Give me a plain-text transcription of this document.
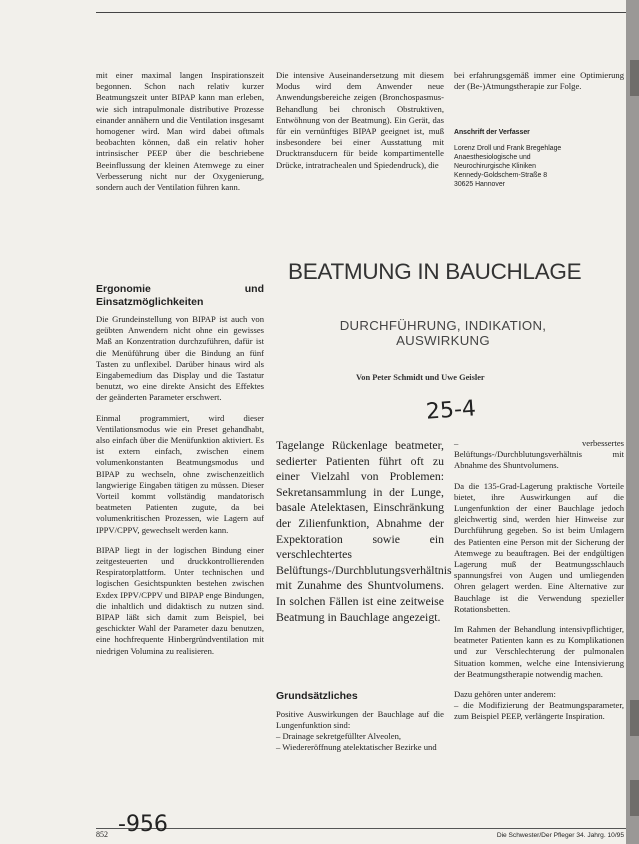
mit einer maximal langen Inspirationszeit begonnen. Schon nach relativ kurzer Beatmungszeit unter BIPAP kann man erleben, wie sich intrapulmonale distributive Prozesse einander annähern und die Ventilation insgesamt homogener wird. Man wird dabei oftmals beobachten können, daß ein relativ hoher intrinsischer PEEP über die beschriebene Beeinflussung der kleinen Atemwege zu einer Verbesserung nicht nur der Oxygenierung, sondern auch der Ventilation führen kann.

Die intensive Auseinandersetzung mit diesem Modus wird dem Anwender neue Anwendungsbereiche zeigen (Bronchospasmus-Behandlung bei chronisch Obstruktiven, Entwöhnung von der Beatmung). Ein Gerät, das für ein vernünftiges BIPAP geeignet ist, muß insbesondere bei einer Ausstattung mit Drucktransducern für beide kompartimentelle Drücke, intratrachealen und Spiedendruck), die

bei erfahrungsgemäß immer eine Optimierung der (Be-)Atmungstherapie zur Folge.

Anschrift der Verfasser
Lorenz Droll und Frank Bregehlage
Anaesthesiologische und
Neurochirurgische Kliniken
Kennedy-Goldschem-Straße 8
30625 Hannover
Ergonomie und Einsatzmöglichkeiten

Die Grundeinstellung von BIPAP ist auch von geübten Anwendern nicht ohne ein gewisses Maß an Konzentration durchzuführen, dafür ist die Menüführung über die Bindung an fünf Tasten zu unflexibel. Darüber hinaus wird als Eingabemedium das Display und die Tastatur benutzt, wo eine direkte Ansicht des Effektes der geänderten Parameter erschwert.

Einmal programmiert, wird dieser Ventilationsmodus wie ein Preset gehandhabt, also einfach über die Menüfunktion aktiviert. Es ist extern einfach, zwischen einem volumenkonstanten Beatmungsmodus und BIPAP zu wechseln, ohne zwischenzeitlich langwierige Eingaben tätigen zu müssen. Dieser Vorteil kommt vollständig mandatorisch beatmeten Patienten zugute, da bei volumenkritischen Prozessen, wie Lagern auf IPPV/CPPV, gewechselt werden kann.

BIPAP liegt in der logischen Bindung einer zeitgesteuerten und druckkontrollierenden Respiratorplattform. Unter technischen und logischen Gesichtspunkten bestehen zwischen Exdex IPPV/CPPV und BIPAP enge Bindungen, die inhaltlich und didaktisch zu nutzen sind. BIPAP läßt sich damit zum Beispiel, bei geschickter Wahl der Parameter dazu benutzen, eine hochfrequente Hinbergründventilation mit niedrigen Volumina zu realisieren.

BEATMUNG IN BAUCHLAGE
DURCHFÜHRUNG, INDIKATION,
AUSWIRKUNG
Von Peter Schmidt und Uwe Geisler
25-4
Tagelange Rückenlage beatmeter, sedierter Patienten führt oft zu einer Vielzahl von Problemen: Sekretansammlung in der Lunge, basale Atelektasen, Einschränkung der Zilienfunktion, Abnahme der Expektoration sowie ein verschlechtertes Belüftungs-/Durchblutungsverhältnis mit Zunahme des Shuntvolumens. In solchen Fällen ist eine zeitweise Beatmung in Bauchlage angezeigt.
Grundsätzliches

Positive Auswirkungen der Bauchlage auf die Lungenfunktion sind:

– Drainage sekretgefüllter Alveolen,
– Wiedereröffnung atelektatischer Bezirke und

– verbessertes Belüftungs-/Durchblutungsverhältnis mit Abnahme des Shuntvolumens.

Da die 135-Grad-Lagerung praktische Vorteile bietet, ihre Auswirkungen auf die Lungenfunktion der einer Bauchlage jedoch gleichwertig sind, werden hier Hinweise zur Durchführung gegeben. So ist beim Umlagern des Patienten eine Person mit der Sicherung der Atemwege zu beauftragen. Bei der endgültigen Lagerung muß der Beatmungsschlauch spannungsfrei von Augen und umliegenden Ohren gelagert werden. Eine Alternative zur Bauchlage ist die Verwendung spezieller Rotationsbetten.

Im Rahmen der Behandlung intensivpflichtiger, beatmeter Patienten kann es zu Komplikationen und zur Verschlechterung der pulmonalen Situation kommen, welche eine Intensivierung der Beatmungstherapie notwendig machen.

Dazu gehören unter anderem:

– die Modifizierung der Beatmungsparameter, zum Beispiel PEEP, verlängerte Inspiration.
852 -956	Die Schwester/Der Pfleger 34. Jahrg. 10/95
